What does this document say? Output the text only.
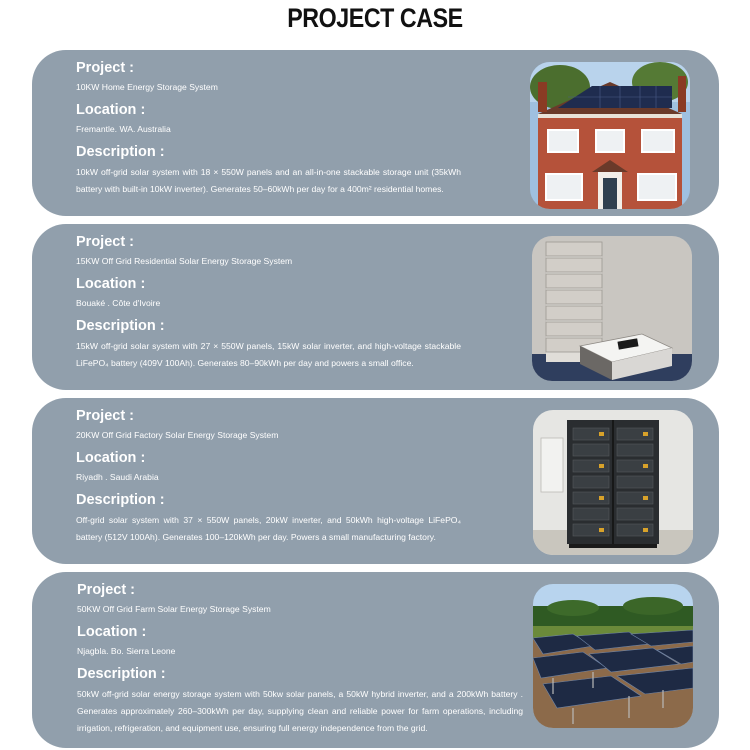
PROJECT CASE
Project :
10KW Home Energy Storage System
Location :
Fremantle. WA. Australia
Description :
10kW off-grid solar system with 18 × 550W panels and an all-in-one stackable storage unit (35kWh battery with built-in 10kW inverter). Generates 50–60kWh per day for a 400m² residential homes.
Project :
15KW Off Grid Residential Solar Energy Storage System
Location :
Bouaké . Côte d'Ivoire
Description :
15kW off-grid solar system with 27 × 550W panels, 15kW solar inverter, and high-voltage stackable LiFePO₄ battery (409V 100Ah). Generates 80–90kWh per day and powers a small office.
Project :
20KW Off Grid Factory Solar Energy Storage System
Location :
Riyadh . Saudi Arabia
Description :
Off-grid solar system with 37 × 550W panels, 20kW inverter, and 50kWh high-voltage LiFePO₄ battery (512V 100Ah). Generates 100–120kWh per day. Powers a small manufacturing factory.
Project :
50KW Off Grid Farm Solar Energy Storage System
Location :
Njagbla. Bo. Sierra Leone
Description :
50kW off-grid solar energy storage system with 50kw solar panels, a 50kW hybrid inverter, and a 200kWh battery . Generates approximately 260–300kWh per day, supplying clean and reliable power for farm operations, including irrigation, refrigeration, and equipment use, ensuring full energy independence from the grid.
